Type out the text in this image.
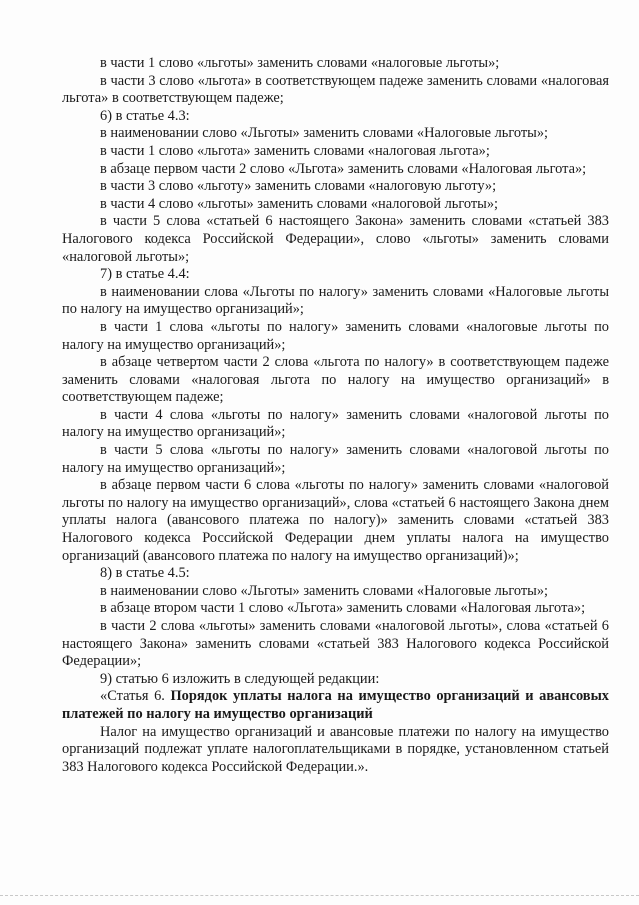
в части 1 слово «льготы» заменить словами «налоговые льготы»;

в части 3 слово «льгота» в соответствующем падеже заменить словами «налоговая льгота» в соответствующем падеже;

6) в статье 4.3:

в наименовании слово «Льготы» заменить словами «Налоговые льготы»;

в части 1 слово «льгота» заменить словами «налоговая льгота»;

в абзаце первом части 2 слово «Льгота» заменить словами «Налоговая льгота»;

в части 3 слово «льготу» заменить словами «налоговую льготу»;

в части 4 слово «льготы» заменить словами «налоговой льготы»;

в части 5 слова «статьей 6 настоящего Закона» заменить словами «статьей 383 Налогового кодекса Российской Федерации», слово «льготы» заменить словами «налоговой льготы»;

7) в статье 4.4:

в наименовании слова «Льготы по налогу» заменить словами «Налоговые льготы по налогу на имущество организаций»;

в части 1 слова «льготы по налогу» заменить словами «налоговые льготы по налогу на имущество организаций»;

в абзаце четвертом части 2 слова «льгота по налогу» в соответствующем падеже заменить словами «налоговая льгота по налогу на имущество организаций» в соответствующем падеже;

в части 4 слова «льготы по налогу» заменить словами «налоговой льготы по налогу на имущество организаций»;

в части 5 слова «льготы по налогу» заменить словами «налоговой льготы по налогу на имущество организаций»;

в абзаце первом части 6 слова «льготы по налогу» заменить словами «налоговой льготы по налогу на имущество организаций», слова «статьей 6 настоящего Закона днем уплаты налога (авансового платежа по налогу)» заменить словами «статьей 383 Налогового кодекса Российской Федерации днем уплаты налога на имущество организаций (авансового платежа по налогу на имущество организаций)»;

8) в статье 4.5:

в наименовании слово «Льготы» заменить словами «Налоговые льготы»;

в абзаце втором части 1 слово «Льгота» заменить словами «Налоговая льгота»;

в части 2 слова «льготы» заменить словами «налоговой льготы», слова «статьей 6 настоящего Закона» заменить словами «статьей 383 Налогового кодекса Российской Федерации»;

9) статью 6 изложить в следующей редакции:

«Статья 6. Порядок уплаты налога на имущество организаций и авансовых платежей по налогу на имущество организаций

Налог на имущество организаций и авансовые платежи по налогу на имущество организаций подлежат уплате налогоплательщиками в порядке, установленном статьей 383 Налогового кодекса Российской Федерации.».
